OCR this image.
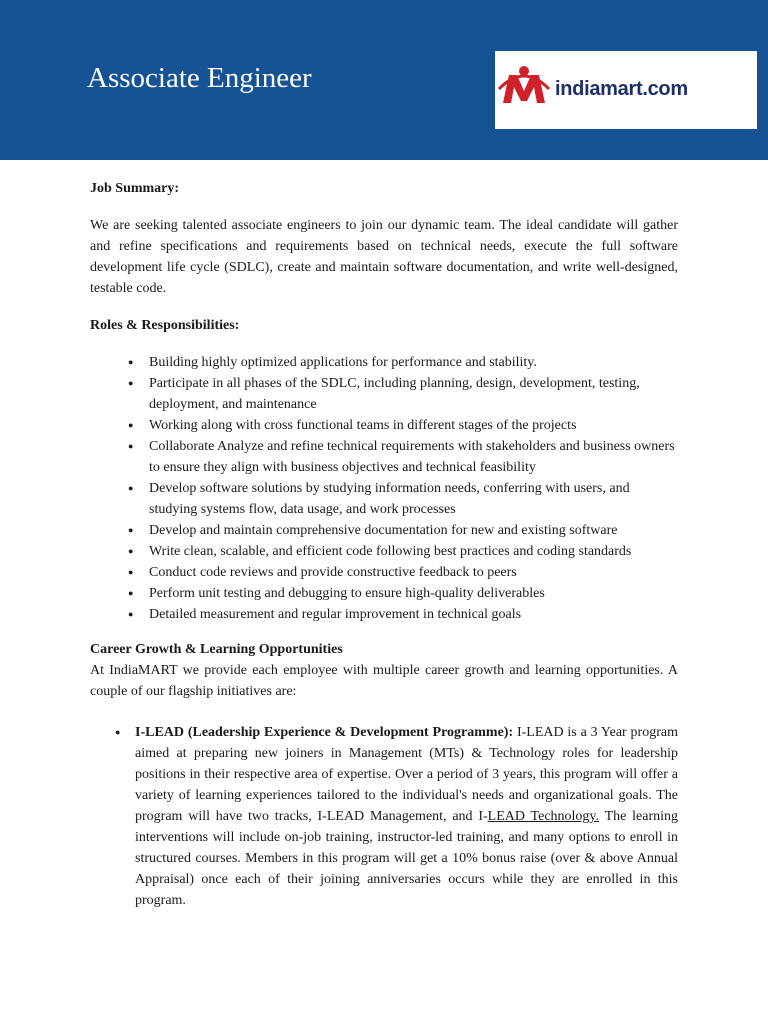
Associate Engineer	indiamart.com

Job Summary:

We are seeking talented associate engineers to join our dynamic team. The ideal candidate will gather and refine specifications and requirements based on technical needs, execute the full software development life cycle (SDLC), create and maintain software documentation, and write well-designed, testable code.

Roles & Responsibilities:

● Building highly optimized applications for performance and stability.
● Participate in all phases of the SDLC, including planning, design, development, testing, deployment, and maintenance
● Working along with cross functional teams in different stages of the projects
● Collaborate Analyze and refine technical requirements with stakeholders and business owners to ensure they align with business objectives and technical feasibility
● Develop software solutions by studying information needs, conferring with users, and studying systems flow, data usage, and work processes
● Develop and maintain comprehensive documentation for new and existing software
● Write clean, scalable, and efficient code following best practices and coding standards
● Conduct code reviews and provide constructive feedback to peers
● Perform unit testing and debugging to ensure high-quality deliverables
● Detailed measurement and regular improvement in technical goals

Career Growth & Learning Opportunities

At IndiaMART we provide each employee with multiple career growth and learning opportunities. A couple of our flagship initiatives are:

● I-LEAD (Leadership Experience & Development Programme): I-LEAD is a 3 Year program aimed at preparing new joiners in Management (MTs) & Technology roles for leadership positions in their respective area of expertise. Over a period of 3 years, this program will offer a variety of learning experiences tailored to the individual's needs and organizational goals. The program will have two tracks, I-LEAD Management, and I-LEAD Technology. The learning interventions will include on-job training, instructor-led training, and many options to enroll in structured courses. Members in this program will get a 10% bonus raise (over & above Annual Appraisal) once each of their joining anniversaries occurs while they are enrolled in this program.
